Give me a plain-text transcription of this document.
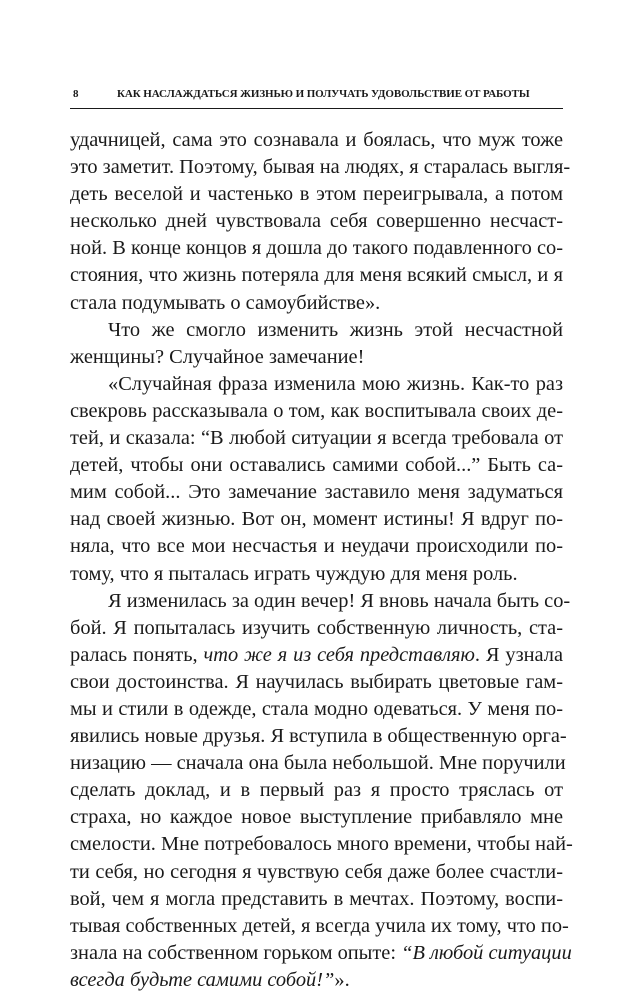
8	КАК НАСЛАЖДАТЬСЯ ЖИЗНЬЮ И ПОЛУЧАТЬ УДОВОЛЬСТВИЕ ОТ РАБОТЫ
удачницей, сама это сознавала и боялась, что муж тоже
это заметит. Поэтому, бывая на людях, я старалась выгля-
деть веселой и частенько в этом переигрывала, а потом
несколько дней чувствовала себя совершенно несчаст-
ной. В конце концов я дошла до такого подавленного со-
стояния, что жизнь потеряла для меня всякий смысл, и я
стала подумывать о самоубийстве».
Что же смогло изменить жизнь этой несчастной
женщины? Случайное замечание!
«Случайная фраза изменила мою жизнь. Как-то раз
свекровь рассказывала о том, как воспитывала своих де-
тей, и сказала: “В любой ситуации я всегда требовала от
детей, чтобы они оставались самими собой...” Быть са-
мим собой... Это замечание заставило меня задуматься
над своей жизнью. Вот он, момент истины! Я вдруг по-
няла, что все мои несчастья и неудачи происходили по-
тому, что я пыталась играть чуждую для меня роль.
Я изменилась за один вечер! Я вновь начала быть со-
бой. Я попыталась изучить собственную личность, ста-
ралась понять, что же я из себя представляю. Я узнала
свои достоинства. Я научилась выбирать цветовые гам-
мы и стили в одежде, стала модно одеваться. У меня по-
явились новые друзья. Я вступила в общественную орга-
низацию — сначала она была небольшой. Мне поручили
сделать доклад, и в первый раз я просто тряслась от
страха, но каждое новое выступление прибавляло мне
смелости. Мне потребовалось много времени, чтобы най-
ти себя, но сегодня я чувствую себя даже более счастли-
вой, чем я могла представить в мечтах. Поэтому, воспи-
тывая собственных детей, я всегда учила их тому, что по-
знала на собственном горьком опыте: “В любой ситуации
всегда будьте самими собой!”».
